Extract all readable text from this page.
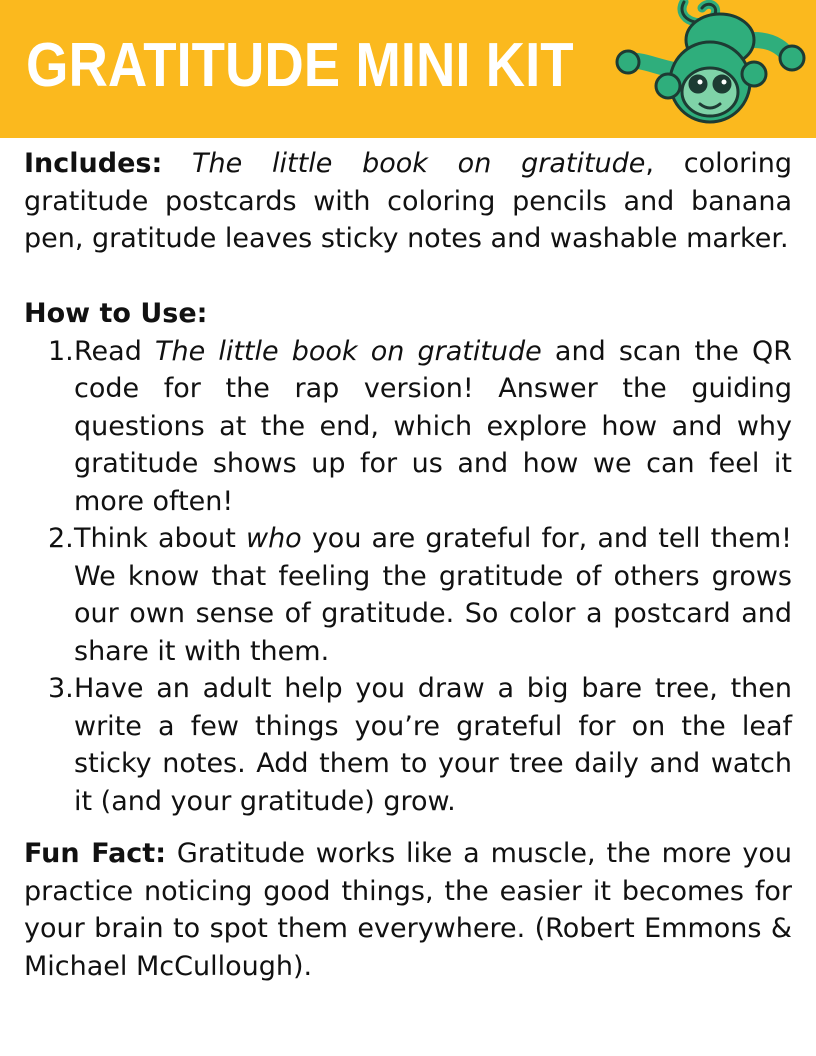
GRATITUDE MINI KIT

Includes: The little book on gratitude, coloring gratitude postcards with coloring pencils and banana pen, gratitude leaves sticky notes and washable marker.

How to Use:

1. Read The little book on gratitude and scan the QR code for the rap version! Answer the guiding questions at the end, which explore how and why gratitude shows up for us and how we can feel it more often!
2. Think about who you are grateful for, and tell them! We know that feeling the gratitude of others grows our own sense of gratitude. So color a postcard and share it with them.
3. Have an adult help you draw a big bare tree, then write a few things you’re grateful for on the leaf sticky notes. Add them to your tree daily and watch it (and your gratitude) grow.

Fun Fact: Gratitude works like a muscle, the more you practice noticing good things, the easier it becomes for your brain to spot them everywhere. (Robert Emmons & Michael McCullough).
